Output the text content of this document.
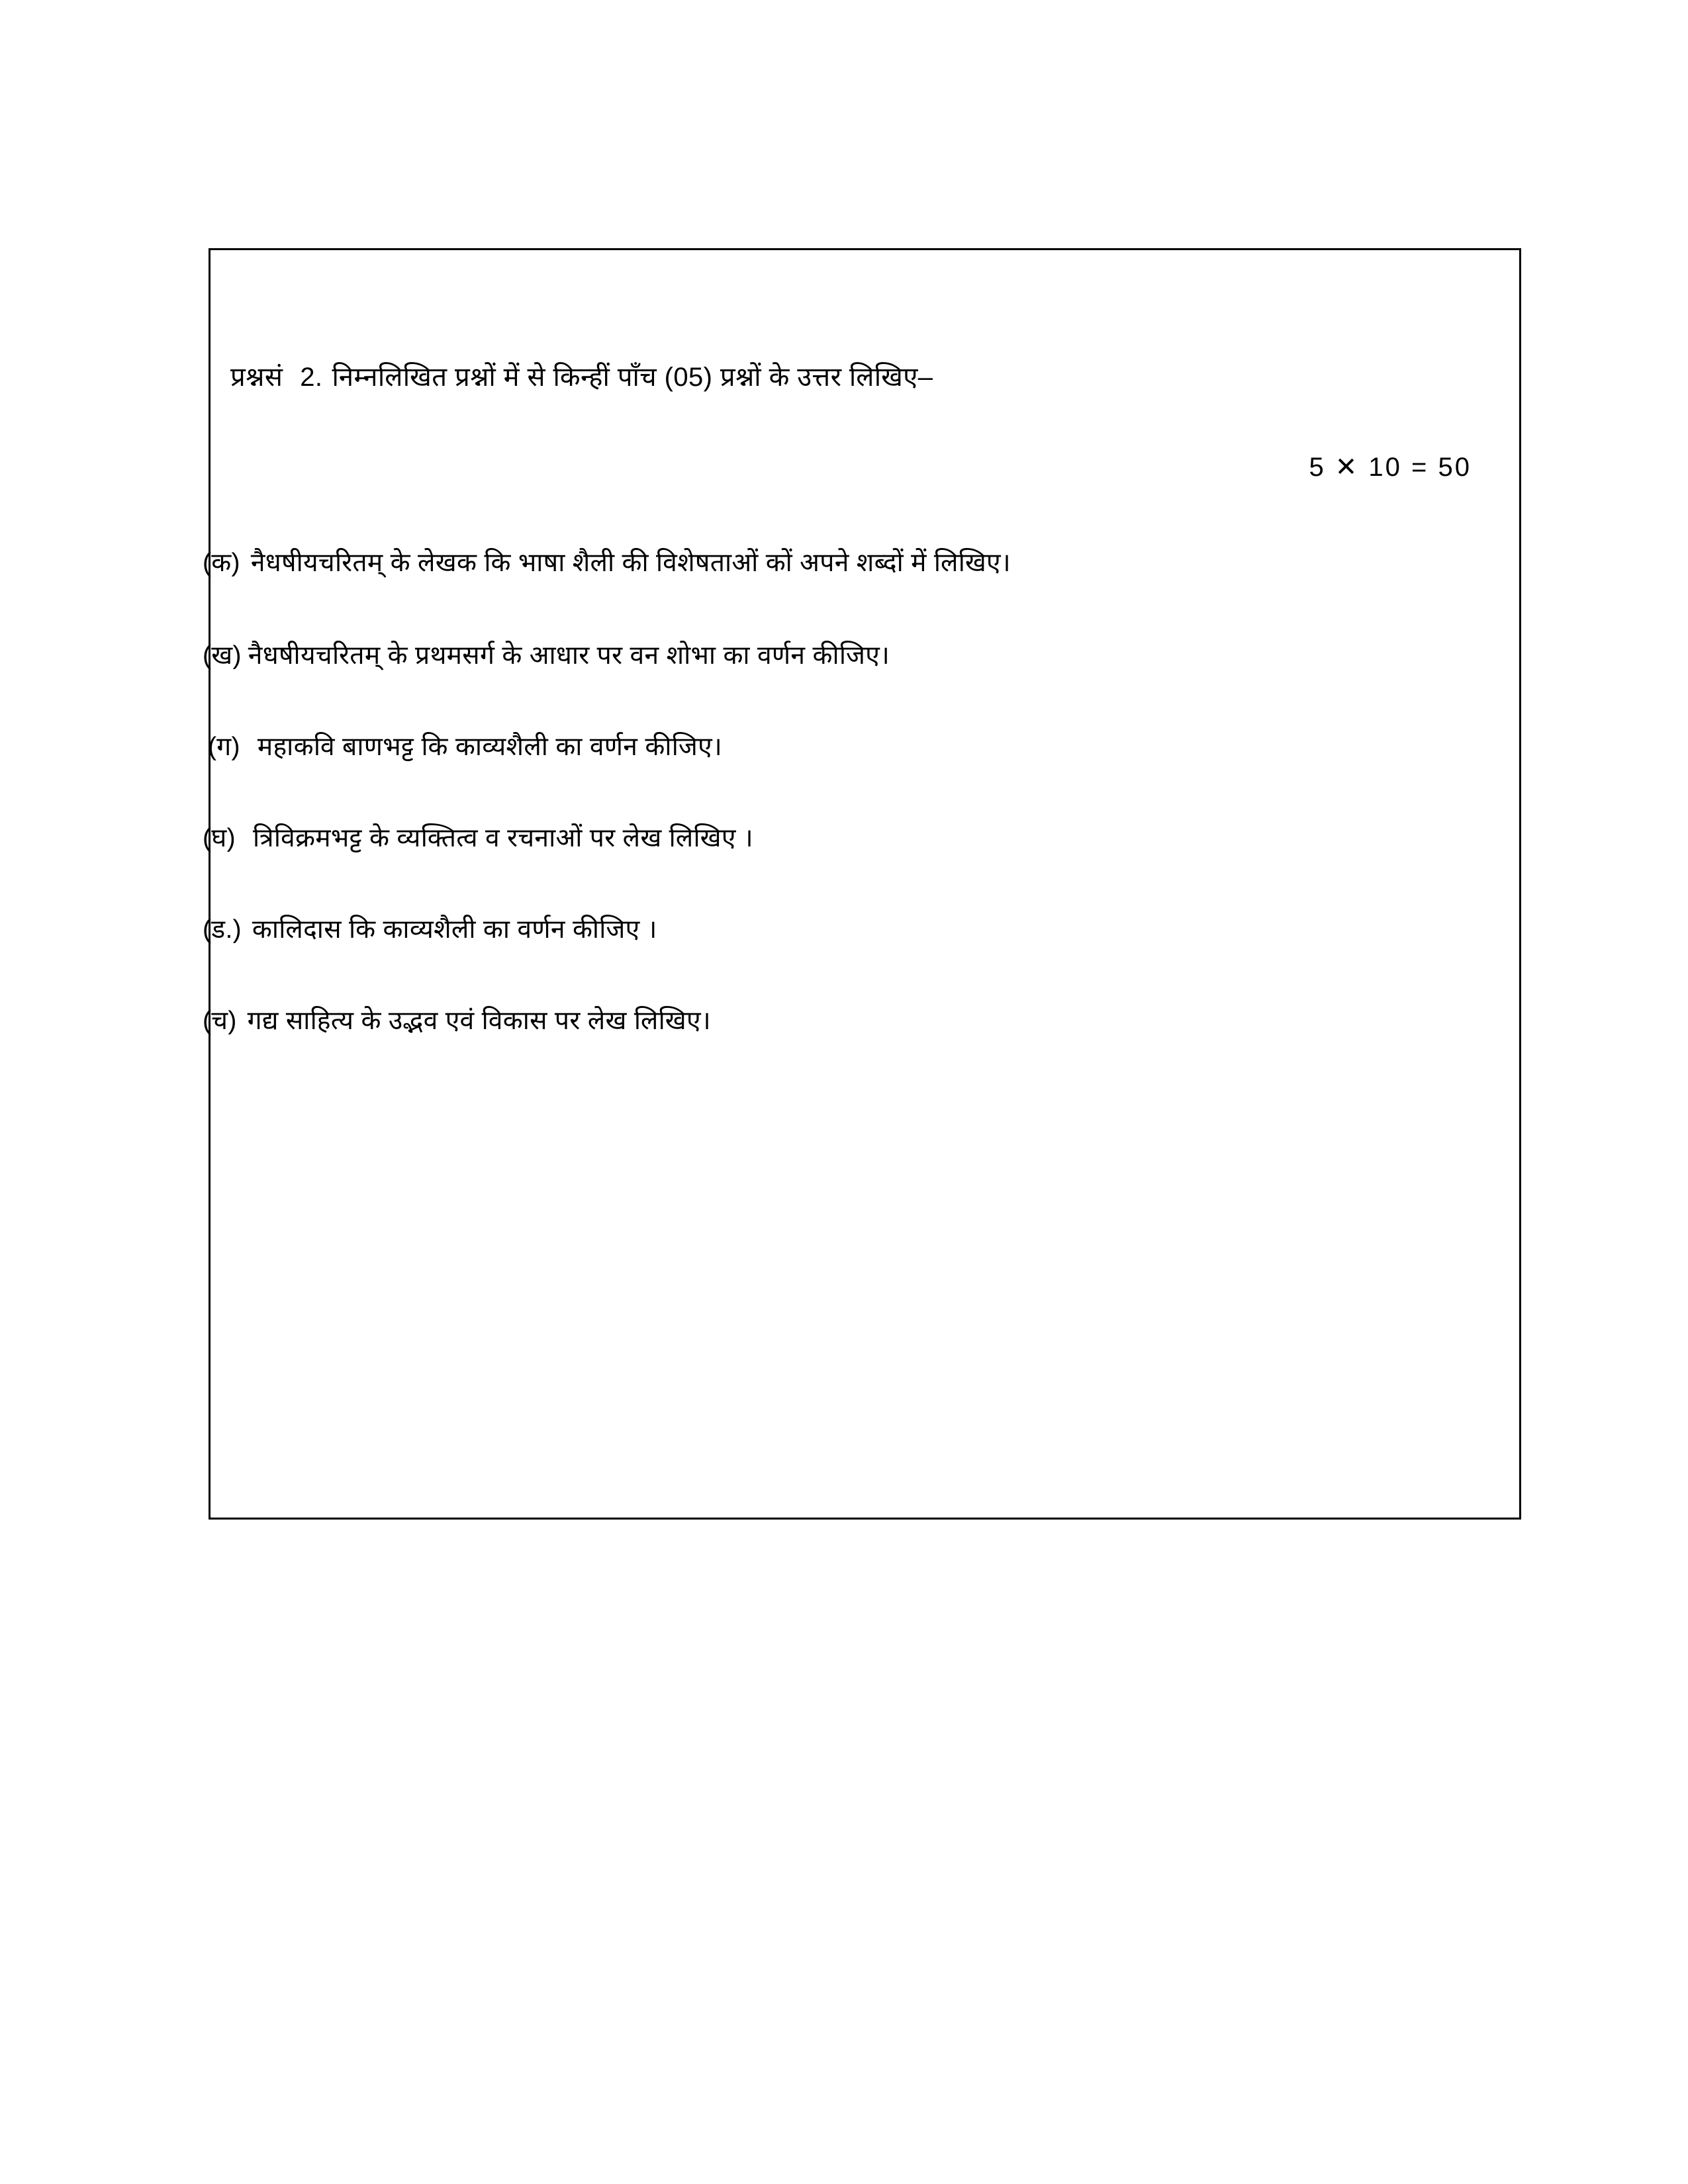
प्रश्नसं 2. निम्नलिखित प्रश्नों में से किन्हीं पाँच (05) प्रश्नों के उत्तर लिखिए–
5 ✕ 10 = 50
(क) नैधषीयचरितम् के लेखक कि भाषा शैली की विशेषताओं कों अपने शब्दों में लिखिए।
(ख) नैधषीयचरितम् के प्रथमसर्ग के आधार पर वन शोभा का वर्णन कीजिए।
(ग) महाकवि बाणभट्ट कि काव्यशैली का वर्णन कीजिए।
(घ) त्रिविक्रमभट्ट के व्यक्तित्व व रचनाओं पर लेख लिखिए ।
(ड.) कालिदास कि काव्यशैली का वर्णन कीजिए ।
(च) गद्य साहित्य के उद्भव एवं विकास पर लेख लिखिए।
